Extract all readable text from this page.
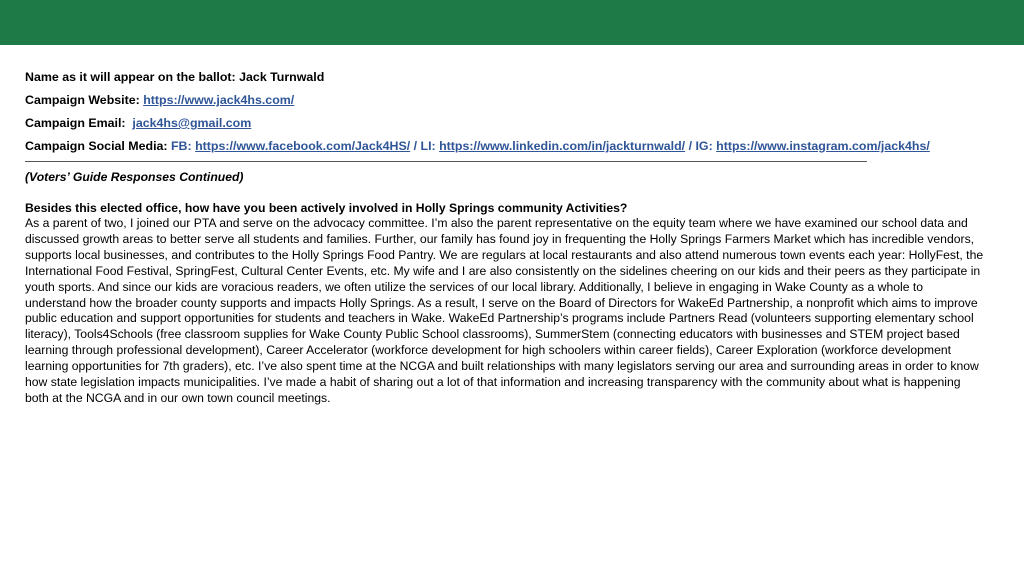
Name as it will appear on the ballot: Jack Turnwald
Campaign Website: https://www.jack4hs.com/
Campaign Email: jack4hs@gmail.com
Campaign Social Media: FB: https://www.facebook.com/Jack4HS/ / LI: https://www.linkedin.com/in/jackturnwald/ / IG: https://www.instagram.com/jack4hs/
(Voters’ Guide Responses Continued)
Besides this elected office, how have you been actively involved in Holly Springs community Activities?
As a parent of two, I joined our PTA and serve on the advocacy committee. I’m also the parent representative on the equity team where we have examined our school data and discussed growth areas to better serve all students and families. Further, our family has found joy in frequenting the Holly Springs Farmers Market which has incredible vendors, supports local businesses, and contributes to the Holly Springs Food Pantry. We are regulars at local restaurants and also attend numerous town events each year: HollyFest, the International Food Festival, SpringFest, Cultural Center Events, etc. My wife and I are also consistently on the sidelines cheering on our kids and their peers as they participate in youth sports. And since our kids are voracious readers, we often utilize the services of our local library. Additionally, I believe in engaging in Wake County as a whole to understand how the broader county supports and impacts Holly Springs. As a result, I serve on the Board of Directors for WakeEd Partnership, a nonprofit which aims to improve public education and support opportunities for students and teachers in Wake. WakeEd Partnership’s programs include Partners Read (volunteers supporting elementary school literacy), Tools4Schools (free classroom supplies for Wake County Public School classrooms), SummerStem (connecting educators with businesses and STEM project based learning through professional development), Career Accelerator (workforce development for high schoolers within career fields), Career Exploration (workforce development learning opportunities for 7th graders), etc. I’ve also spent time at the NCGA and built relationships with many legislators serving our area and surrounding areas in order to know how state legislation impacts municipalities. I’ve made a habit of sharing out a lot of that information and increasing transparency with the community about what is happening both at the NCGA and in our own town council meetings.
